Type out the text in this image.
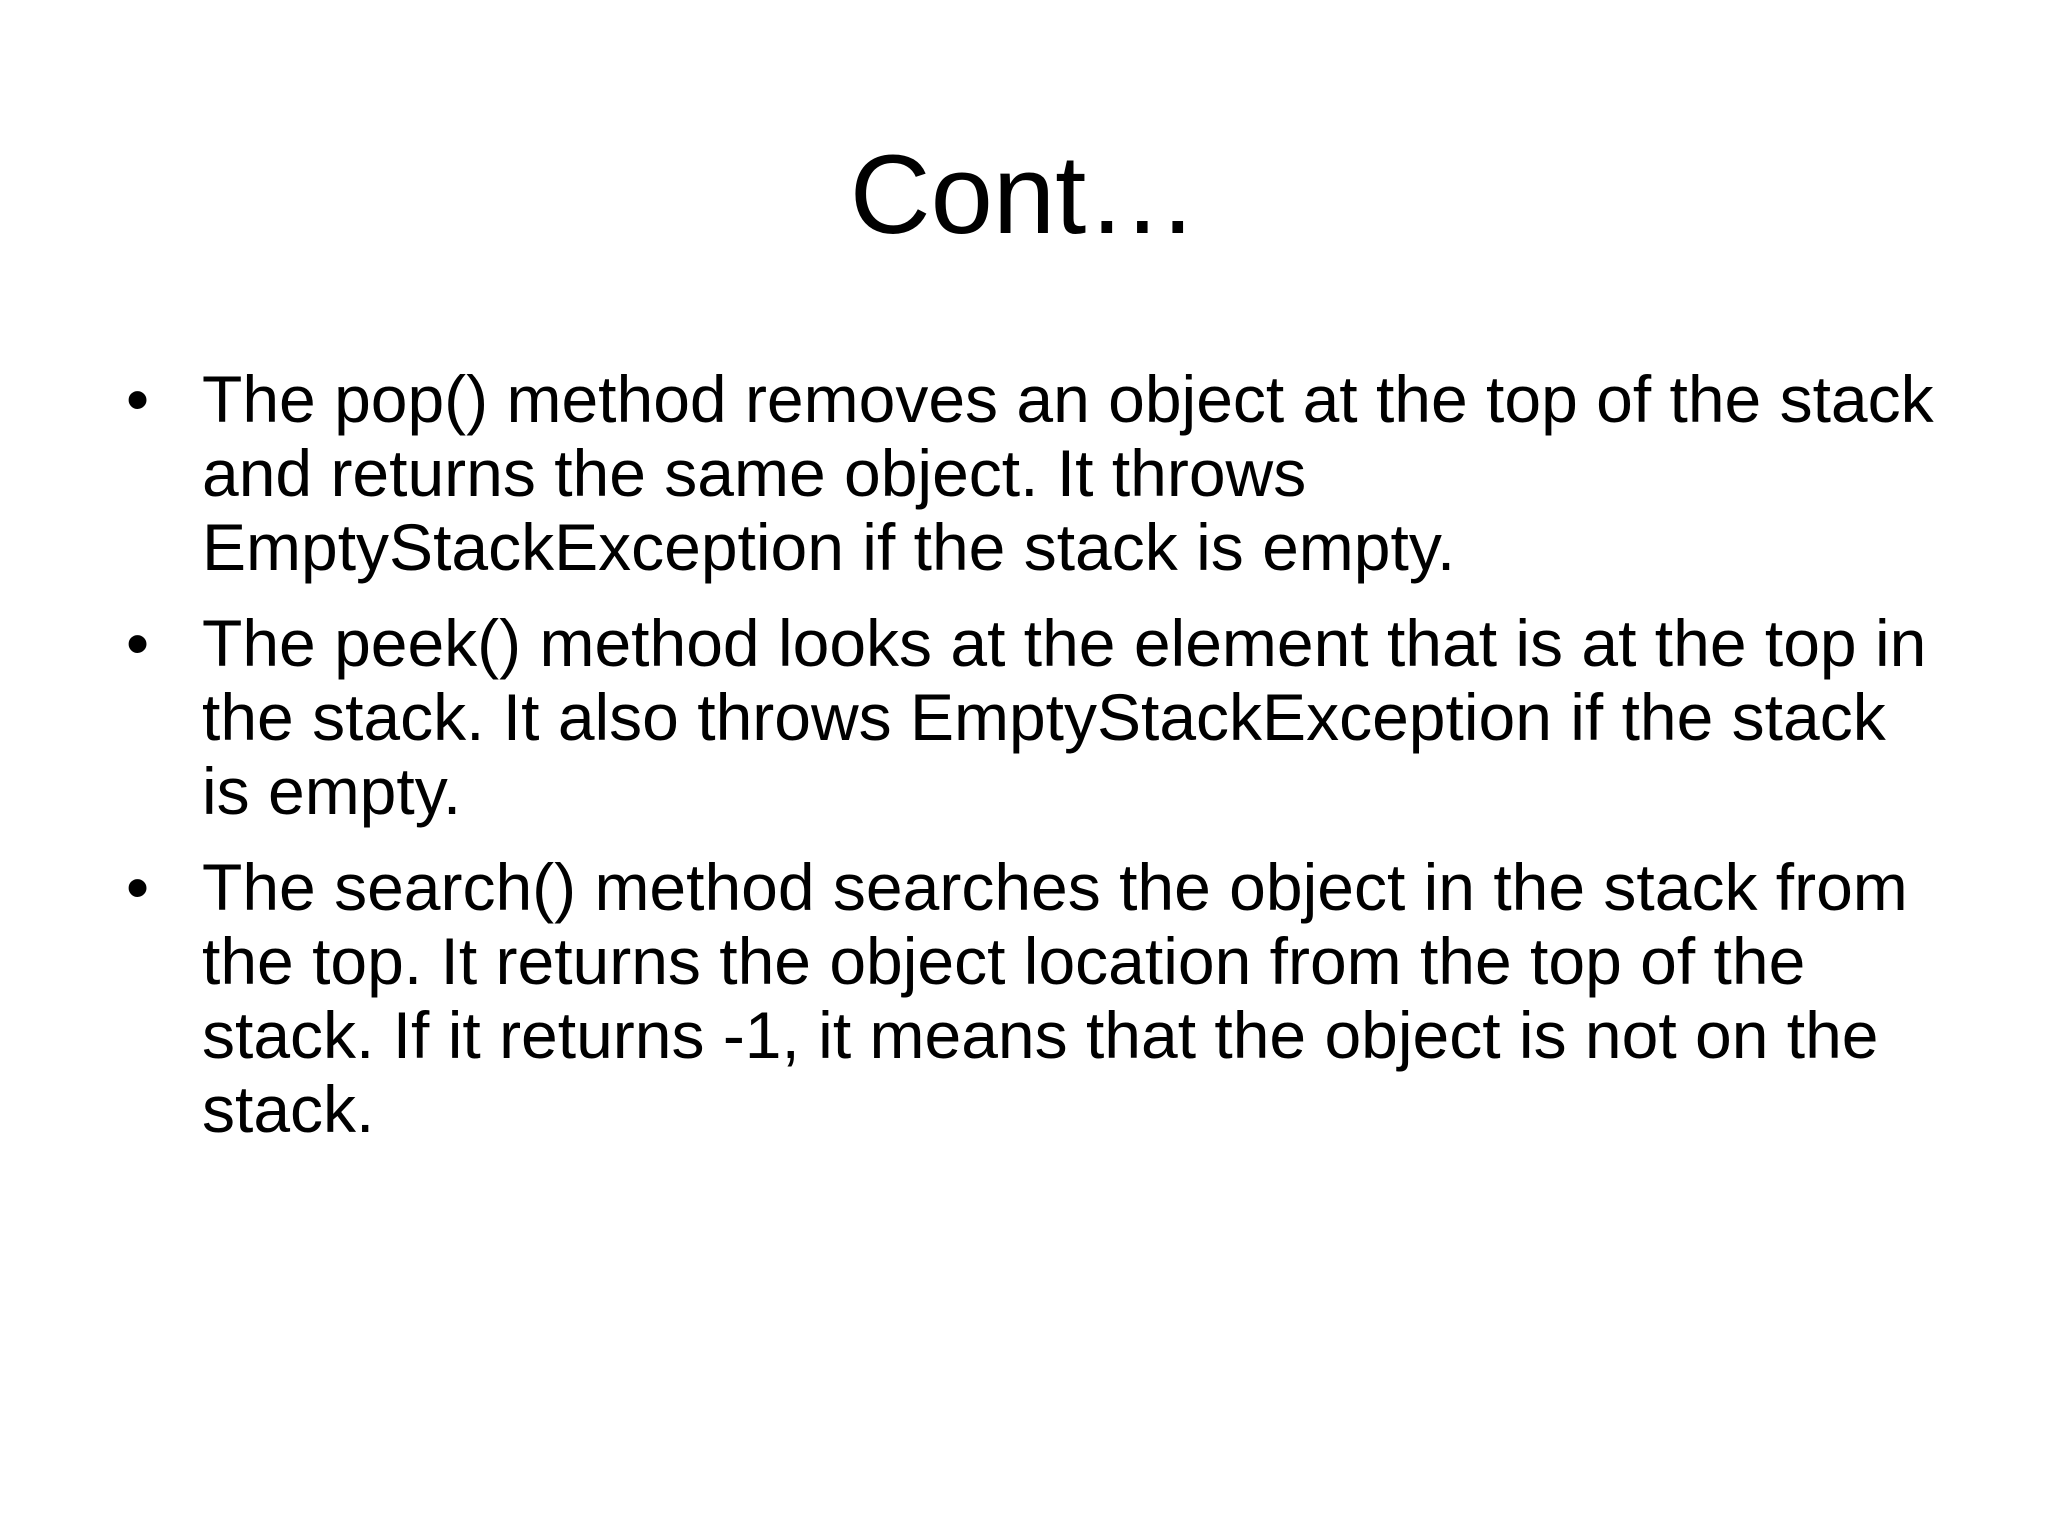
Cont…
• The pop() method removes an object at the top of the stack and returns the same object. It throws EmptyStackException if the stack is empty.
• The peek() method looks at the element that is at the top in the stack. It also throws EmptyStackException if the stack is empty.
• The search() method searches the object in the stack from the top. It returns the object location from the top of the stack. If it returns -1, it means that the object is not on the stack.
